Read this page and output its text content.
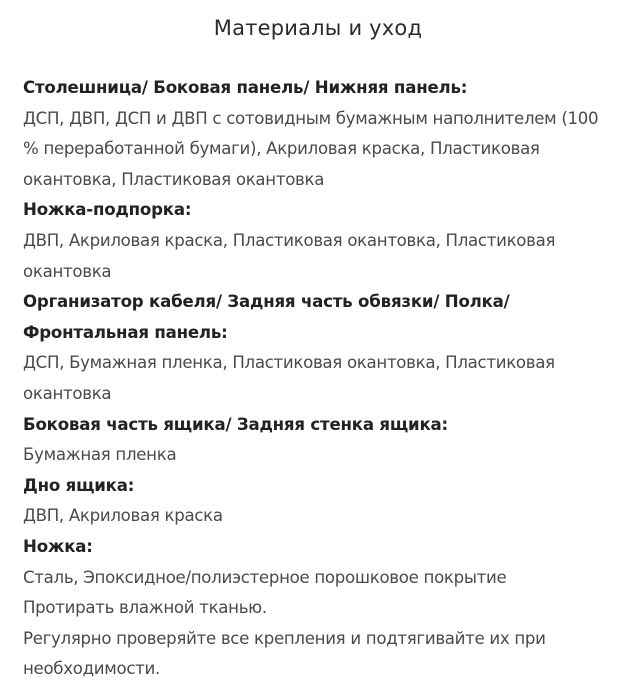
Материалы и уход
Столешница/ Боковая панель/ Нижняя панель:
ДСП, ДВП, ДСП и ДВП с сотовидным бумажным наполнителем (100 % переработанной бумаги), Акриловая краска, Пластиковая окантовка, Пластиковая окантовка
Ножка-подпорка:
ДВП, Акриловая краска, Пластиковая окантовка, Пластиковая окантовка
Организатор кабеля/ Задняя часть обвязки/ Полка/ Фронтальная панель:
ДСП, Бумажная пленка, Пластиковая окантовка, Пластиковая окантовка
Боковая часть ящика/ Задняя стенка ящика:
Бумажная пленка
Дно ящика:
ДВП, Акриловая краска
Ножка:
Сталь, Эпоксидное/полиэстерное порошковое покрытие
Протирать влажной тканью.
Регулярно проверяйте все крепления и подтягивайте их при необходимости.
